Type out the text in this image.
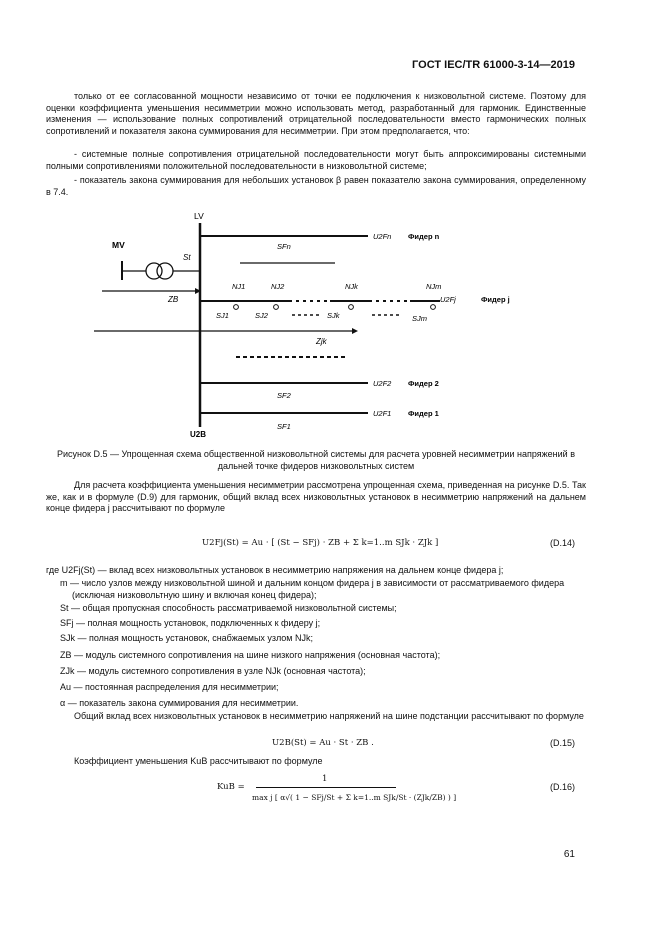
ГОСТ IEC/TR 61000-3-14—2019
только от ее согласованной мощности независимо от точки ее подключения к низковольтной системе. Поэтому для оценки коэффициента уменьшения несимметрии можно использовать метод, разработанный для гармоник. Единственные изменения — использование полных сопротивлений отрицательной последовательности вместо гармонических полных сопротивлений и показателя закона суммирования для несимметрии. При этом предполагается, что:
- системные полные сопротивления отрицательной последовательности могут быть аппроксимированы системными полными сопротивлениями положительной последовательности в низковольтной системе;
- показатель закона суммирования для небольших установок β равен показателю закона суммирования, определенному в 7.4.
LV
U2B
MV
St
ZB
U2Fn Фидер n
SFn
NJ1	NJ2	NJk	NJm
U2Fj	Фидер j
SJ1	SJ2	SJk	SJm
Zjk
U2F2 Фидер 2
SF2
U2F1 Фидер 1
SF1
Рисунок D.5 — Упрощенная схема общественной низковольтной системы для расчета уровней несимметрии напряжений в дальней точке фидеров низковольтных систем
Для расчета коэффициента уменьшения несимметрии рассмотрена упрощенная схема, приведенная на рисунке D.5. Так же, как и в формуле (D.9) для гармоник, общий вклад всех низковольтных установок в несимметрию напряжений на дальнем конце фидера j рассчитывают по формуле
U2Fj(St) = Au · [ (St − SFj) · ZB + Σ k=1..m SJk · ZJk ]	(D.14)
где U2Fj(St) — вклад всех низковольтных установок в несимметрию напряжения на дальнем конце фидера j;
m — число узлов между низковольтной шиной и дальним концом фидера j в зависимости от рассматриваемого фидера (исключая низковольтную шину и включая конец фидера);
St — общая пропускная способность рассматриваемой низковольтной системы;
SFj — полная мощность установок, подключенных к фидеру j;
SJk — полная мощность установок, снабжаемых узлом NJk;
ZB — модуль системного сопротивления на шине низкого напряжения (основная частота);
ZJk — модуль системного сопротивления в узле NJk (основная частота);
Au — постоянная распределения для несимметрии;
α — показатель закона суммирования для несимметрии.
Общий вклад всех низковольтных установок в несимметрию напряжений на шине подстанции рассчитывают по формуле
U2B(St) = Au · St · ZB .	(D.15)
Коэффициент уменьшения KuB рассчитывают по формуле
KuB =
1
max j [ α√( 1 − SFj/St + Σ k=1..m SJk/St · (ZJk/ZB) ) ]
(D.16)
61
